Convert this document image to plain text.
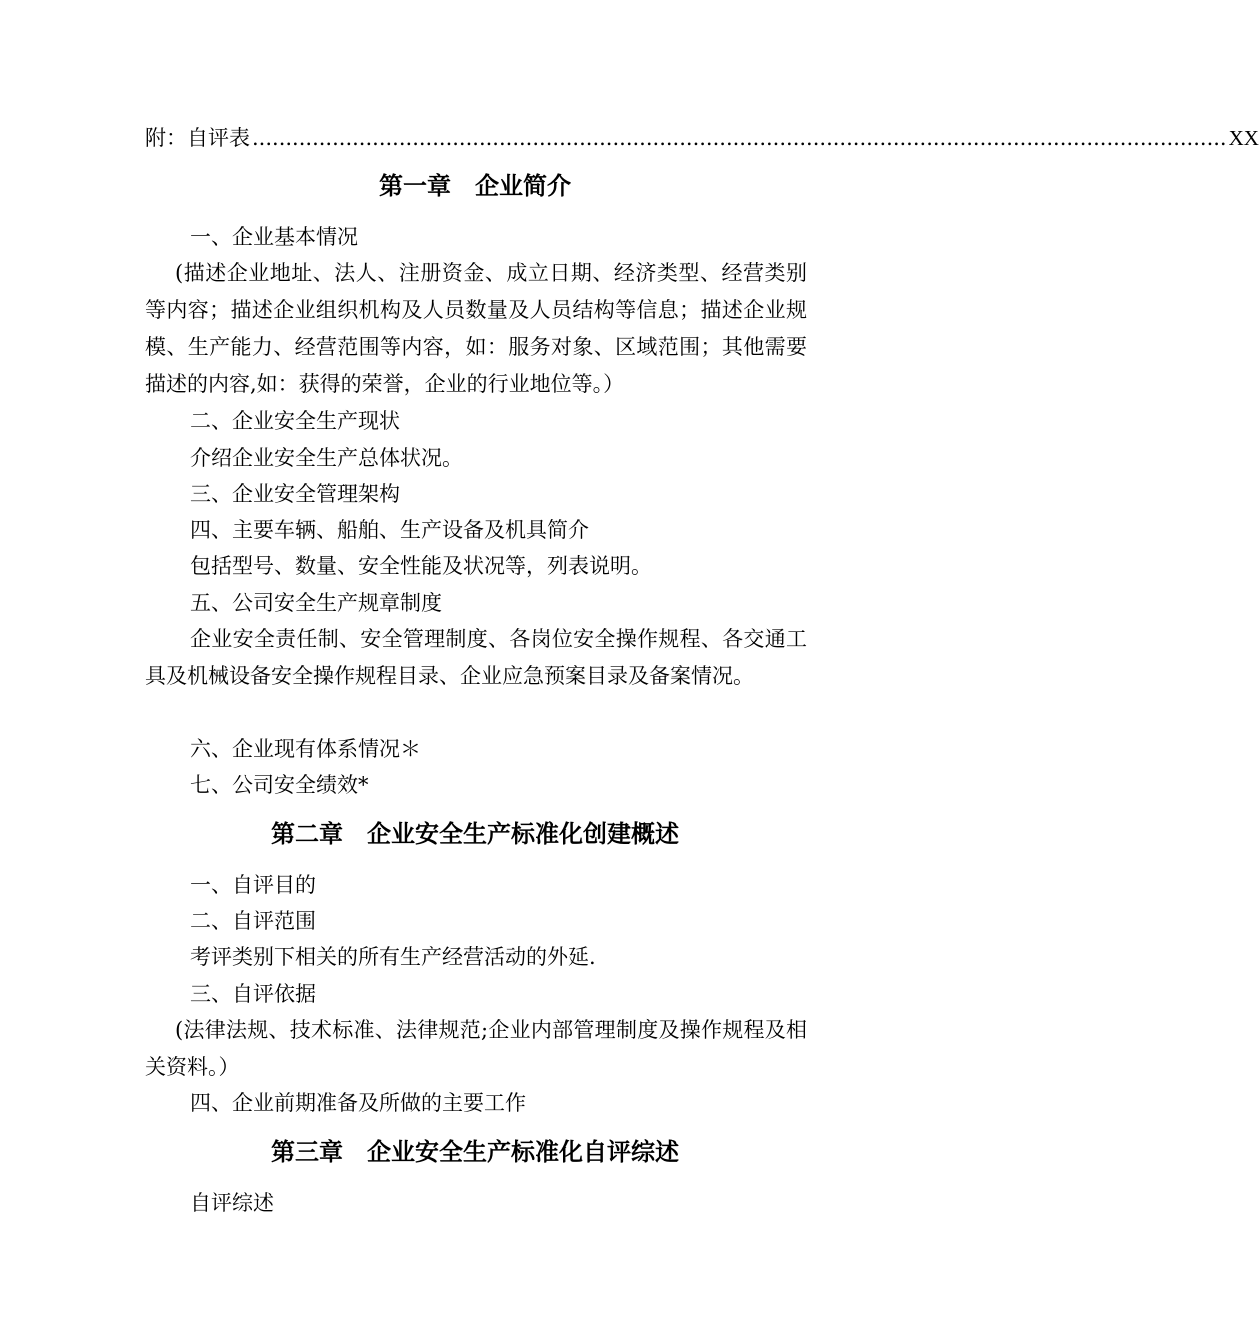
附：自评表 .................................................................................................................................................. XX
第一章　企业简介

一、企业基本情况

(描述企业地址、法人、注册资金、成立日期、经济类型、经营类别等内容；描述企业组织机构及人员数量及人员结构等信息；描述企业规模、生产能力、经营范围等内容，如：服务对象、区域范围；其他需要描述的内容,如：获得的荣誉，企业的行业地位等。）

二、企业安全生产现状

介绍企业安全生产总体状况。

三、企业安全管理架构

四、主要车辆、船舶、生产设备及机具简介

包括型号、数量、安全性能及状况等，列表说明。

五、公司安全生产规章制度

企业安全责任制、安全管理制度、各岗位安全操作规程、各交通工具及机械设备安全操作规程目录、企业应急预案目录及备案情况。

六、企业现有体系情况＊

七、公司安全绩效*

第二章　企业安全生产标准化创建概述

一、自评目的

二、自评范围

考评类别下相关的所有生产经营活动的外延.

三、自评依据

(法律法规、技术标准、法律规范;企业内部管理制度及操作规程及相关资料。）

四、企业前期准备及所做的主要工作

第三章　企业安全生产标准化自评综述

自评综述
